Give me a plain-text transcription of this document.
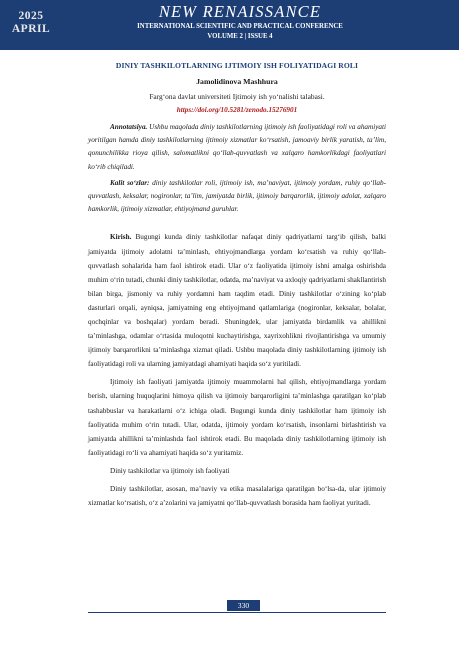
2025
APRIL
NEW RENAISSANCE
INTERNATIONAL SCIENTIFIC AND PRACTICAL CONFERENCE
VOLUME 2 | ISSUE 4
DINIY TASHKILOTLARNING IJTIMOIY ISH FOLIYATIDAGI ROLI
Jamolidinova Mashhura
Farg‘ona davlat universiteti Ijtimoiy ish yo‘nalishi talabasi.
https://doi.org/10.5281/zenodo.15276901
Annotatsiya. Ushbu maqolada diniy tashkilotlarning ijtimoiy ish faoliyatidagi roli va ahamiyati yoritilgan hamda diniy tashkilotlarning ijtimoiy xizmatlar ko‘rsatish, jamoaviy birlik yaratish, ta’lim, qonunchilikka rioya qilish, salomatlikni qo‘llab-quvvatlash va xalqaro hamkorlikdagi faoliyatlari ko‘rib chiqiladi.
Kalit so‘zlar: diniy tashkilotlar roli, ijtimoiy ish, ma’naviyat, ijtimoiy yordam, ruhiy qo‘llab-quvvatlash, keksalar, nogironlar, ta’lim, jamiyatda birlik, ijtimoiy barqarorlik, ijtimoiy adolat, xalqaro hamkorlik, ijtimoiy xizmatlar, ehtiyojmand guruhlar.

Kirish. Bugungi kunda diniy tashkilotlar nafaqat diniy qadriyatlarni targ‘ib qilish, balki jamiyatda ijtimoiy adolatni ta’minlash, ehtiyojmandlarga yordam ko‘rsatish va ruhiy qo‘llab-quvvatlash sohalarida ham faol ishtirok etadi. Ular o‘z faoliyatida ijtimoiy ishni amalga oshirishda muhim o‘rin tutadi, chunki diniy tashkilotlar, odatda, ma’naviyat va axloqiy qadriyatlarni shakllantirish bilan birga, jismoniy va ruhiy yordamni ham taqdim etadi. Diniy tashkilotlar o‘zining ko‘plab dasturlari orqali, ayniqsa, jamiyatning eng ehtiyojmand qatlamlariga (nogironlar, keksalar, bolalar, qochqinlar va boshqalar) yordam beradi. Shuningdek, ular jamiyatda birdamlik va ahillikni ta’minlashga, odamlar o‘rtasida muloqotni kuchaytirishga, xayrixohlikni rivojlantirishga va umumiy ijtimoiy barqarorlikni ta’minlashga xizmat qiladi. Ushbu maqolada diniy tashkilotlarning ijtimoiy ish faoliyatidagi roli va ularning jamiyatdagi ahamiyati haqida so‘z yuritiladi.

Ijtimoiy ish faoliyati jamiyatda ijtimoiy muammolarni hal qilish, ehtiyojmandlarga yordam berish, ularning huquqlarini himoya qilish va ijtimoiy barqarorligini ta’minlashga qaratilgan ko‘plab tashabbuslar va harakatlarni o‘z ichiga oladi. Bugungi kunda diniy tashkilotlar ham ijtimoiy ish faoliyatida muhim o‘rin tutadi. Ular, odatda, ijtimoiy yordam ko‘rsatish, insonlarni birlashtirish va jamiyatda ahillikni ta’minlashda faol ishtirok etadi. Bu maqolada diniy tashkilotlarning ijtimoiy ish faoliyatidagi ro‘li va ahamiyati haqida so‘z yuritamiz.

Diniy tashkilotlar va ijtimoiy ish faoliyati

Diniy tashkilotlar, asosan, ma’naviy va etika masalalariga qaratilgan bo‘lsa-da, ular ijtimoiy xizmatlar ko‘rsatish, o‘z a’zolarini va jamiyatni qo‘llab-quvvatlash borasida ham faoliyat yuritadi.

330
